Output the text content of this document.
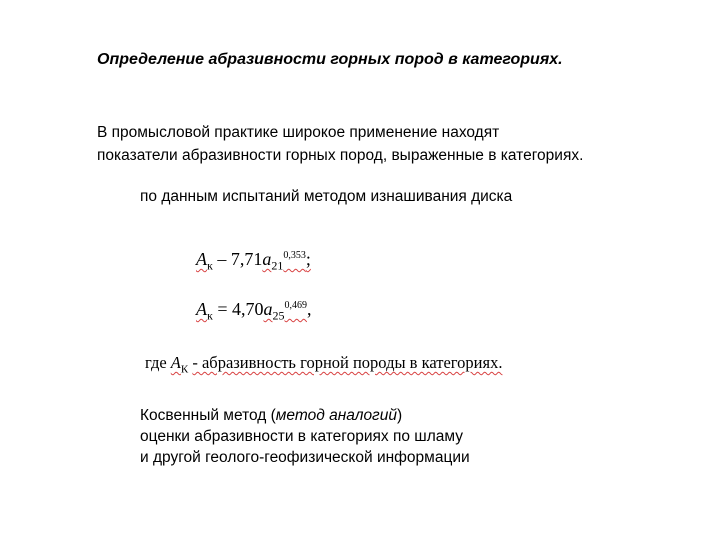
Определение абразивности горных пород в категориях.
В промысловой практике широкое применение находят
показатели абразивности горных пород, выраженные в категориях.
по данным испытаний методом изнашивания диска
$А_к - 7,71a_{21}^{0,353}$;
$А_к = 4,70a_{25}^{0,469}$,
где $А_К$ - абразивность горной породы в категориях.
Косвенный метод (метод аналогий)
оценки абразивности в категориях по шламу
и другой геолого-геофизической информации
